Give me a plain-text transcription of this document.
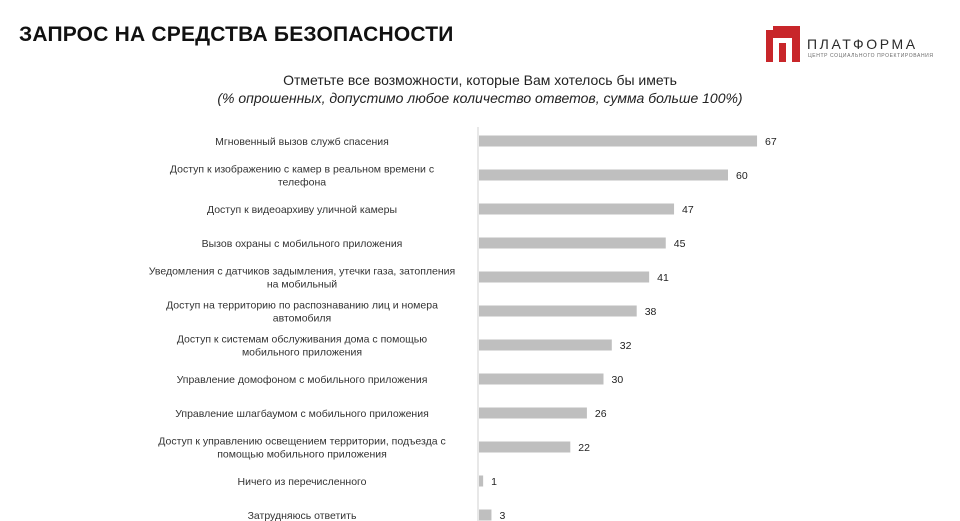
ЗАПРОС НА СРЕДСТВА БЕЗОПАСНОСТИ	ПЛАТФОРМА
ЦЕНТР СОЦИАЛЬНОГО ПРОЕКТИРОВАНИЯ
Отметьте все возможности, которые Вам хотелось бы иметь
(% опрошенных, допустимо любое количество ответов, сумма больше 100%)
67
Мгновенный вызов служб спасения
60
Доступ к изображению с камер в реальном времени с
телефона
47
Доступ к видеоархиву уличной камеры
45
Вызов охраны с мобильного приложения
41
Уведомления с датчиков задымления, утечки газа, затопления
на мобильный
38
Доступ на территорию по распознаванию лиц и номера
автомобиля
32
Доступ к системам обслуживания дома с помощью
мобильного приложения
30
Управление домофоном с мобильного приложения
26
Управление шлагбаумом с мобильного приложения
22
Доступ к управлению освещением территории, подъезда с
помощью мобильного приложения
1
Ничего из перечисленного
3
Затрудняюсь ответить
